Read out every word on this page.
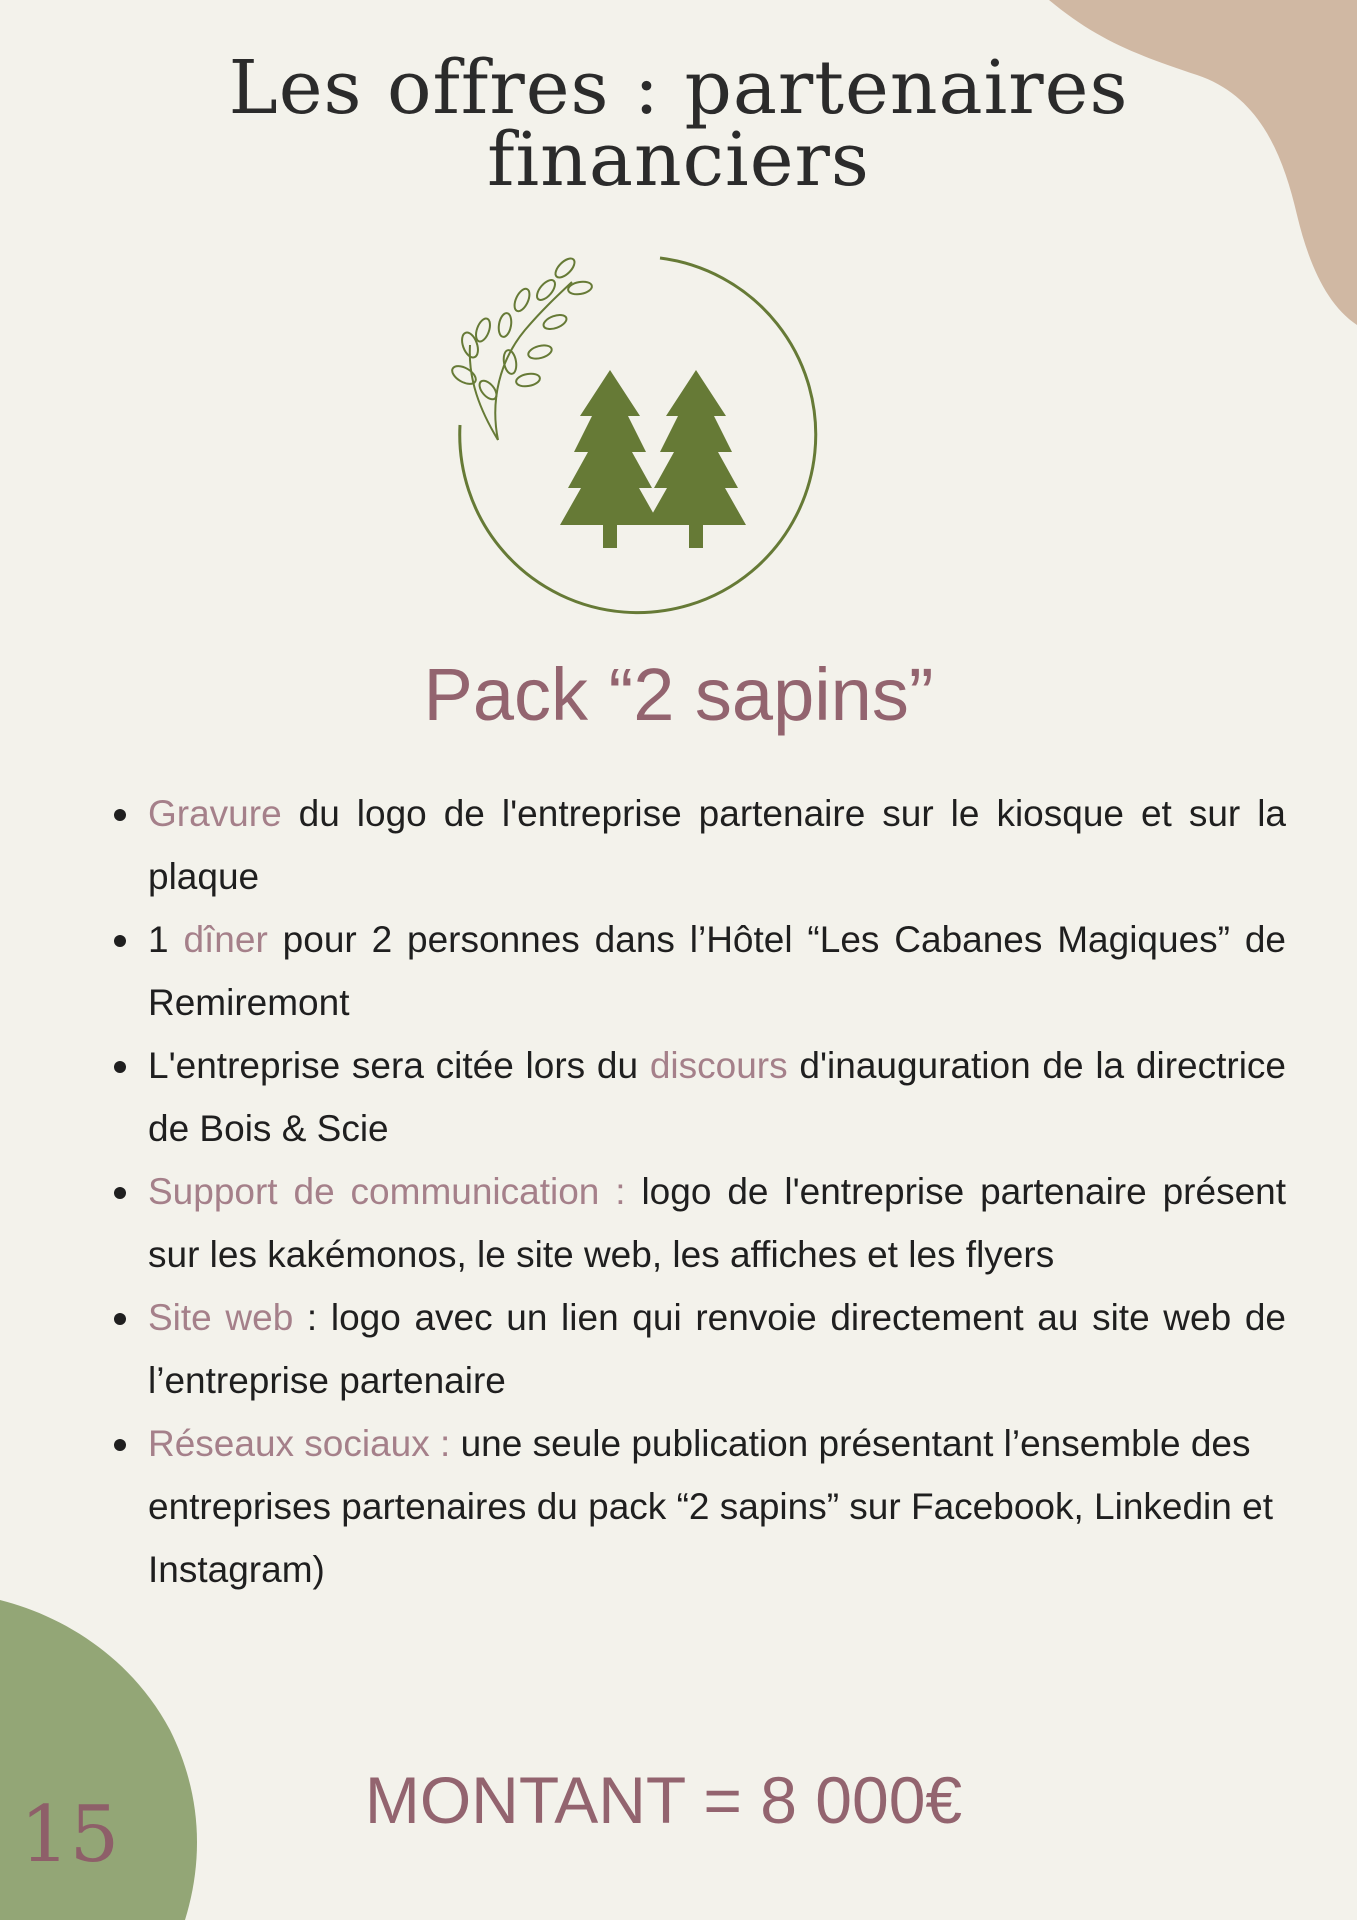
Les offres : partenaires
financiers
Pack “2 sapins”
Gravure du logo de l'entreprise partenaire sur le kiosque et sur la plaque
1 dîner pour 2 personnes dans l’Hôtel “Les Cabanes Magiques” de Remiremont
L'entreprise sera citée lors du discours d'inauguration de la directrice de Bois & Scie
Support de communication : logo de l'entreprise partenaire présent sur les kakémonos, le site web, les affiches et les flyers
Site web : logo avec un lien qui renvoie directement au site web de l’entreprise partenaire
Réseaux sociaux : une seule publication présentant l’ensemble des entreprises partenaires du pack “2 sapins” sur Facebook, Linkedin et Instagram)
MONTANT = 8 000€
15
